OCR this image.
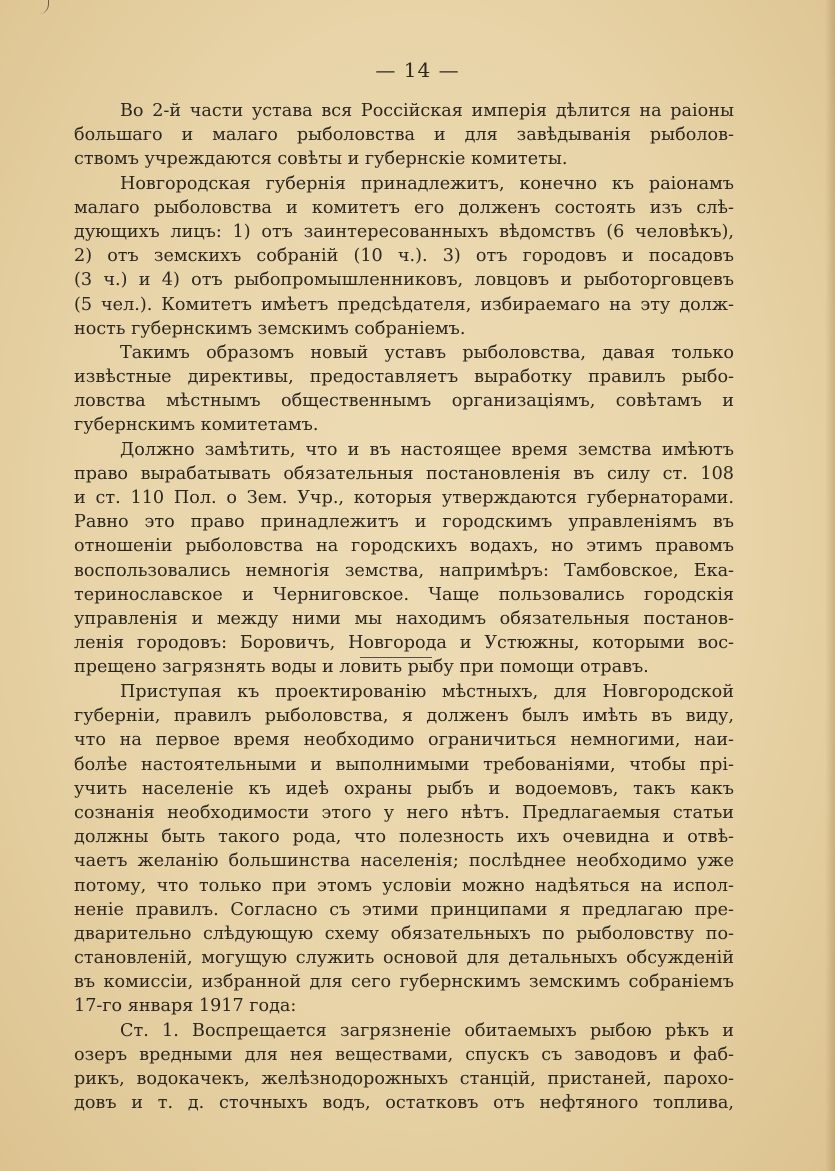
— 14 —
Во 2-й части устава вся Россійская имперія дѣлится на раіоны
большаго и малаго рыболовства и для завѣдыванія рыболов-
ствомъ учреждаются совѣты и губернскіе комитеты.
Новгородская губернія принадлежитъ, конечно къ раіонамъ
малаго рыболовства и комитетъ его долженъ состоять изъ слѣ-
дующихъ лицъ: 1) отъ заинтересованныхъ вѣдомствъ (6 человѣкъ),
2) отъ земскихъ собраній (10 ч.). 3) отъ городовъ и посадовъ
(3 ч.) и 4) отъ рыбопромышленниковъ, ловцовъ и рыботорговцевъ
(5 чел.). Комитетъ имѣетъ предсѣдателя, избираемаго на эту долж-
ность губернскимъ земскимъ собраніемъ.
Такимъ образомъ новый уставъ рыболовства, давая только
извѣстные директивы, предоставляетъ выработку правилъ рыбо-
ловства мѣстнымъ общественнымъ организаціямъ, совѣтамъ и
губернскимъ комитетамъ.
Должно замѣтить, что и въ настоящее время земства имѣютъ
право вырабатывать обязательныя постановленія въ силу ст. 108
и ст. 110 Пол. о Зем. Учр., которыя утверждаются губернаторами.
Равно это право принадлежитъ и городскимъ управленіямъ въ
отношеніи рыболовства на городскихъ водахъ, но этимъ правомъ
воспользовались немногія земства, напримѣръ: Тамбовское, Ека-
теринославское и Черниговское. Чаще пользовались городскія
управленія и между ними мы находимъ обязательныя постанов-
ленія городовъ: Боровичъ, Новгорода и Устюжны, которыми вос-
прещено загрязнять воды и ловить рыбу при помощи отравъ.
Приступая къ проектированію мѣстныхъ, для Новгородской
губерніи, правилъ рыболовства, я долженъ былъ имѣть въ виду,
что на первое время необходимо ограничиться немногими, наи-
болѣе настоятельными и выполнимыми требованіями, чтобы прі-
учить населеніе къ идеѣ охраны рыбъ и водоемовъ, такъ какъ
сознанія необходимости этого у него нѣтъ. Предлагаемыя статьи
должны быть такого рода, что полезность ихъ очевидна и отвѣ-
чаетъ желанію большинства населенія; послѣднее необходимо уже
потому, что только при этомъ условіи можно надѣяться на испол-
неніе правилъ. Согласно съ этими принципами я предлагаю пре-
дварительно слѣдующую схему обязательныхъ по рыболовству по-
становленій, могущую служить основой для детальныхъ обсужденій
въ комиссіи, избранной для сего губернскимъ земскимъ собраніемъ
17-го января 1917 года:
Ст. 1. Воспрещается загрязненіе обитаемыхъ рыбою рѣкъ и
озеръ вредными для нея веществами, спускъ съ заводовъ и фаб-
рикъ, водокачекъ, желѣзнодорожныхъ станцій, пристаней, парохо-
довъ и т. д. сточныхъ водъ, остатковъ отъ нефтяного топлива,
